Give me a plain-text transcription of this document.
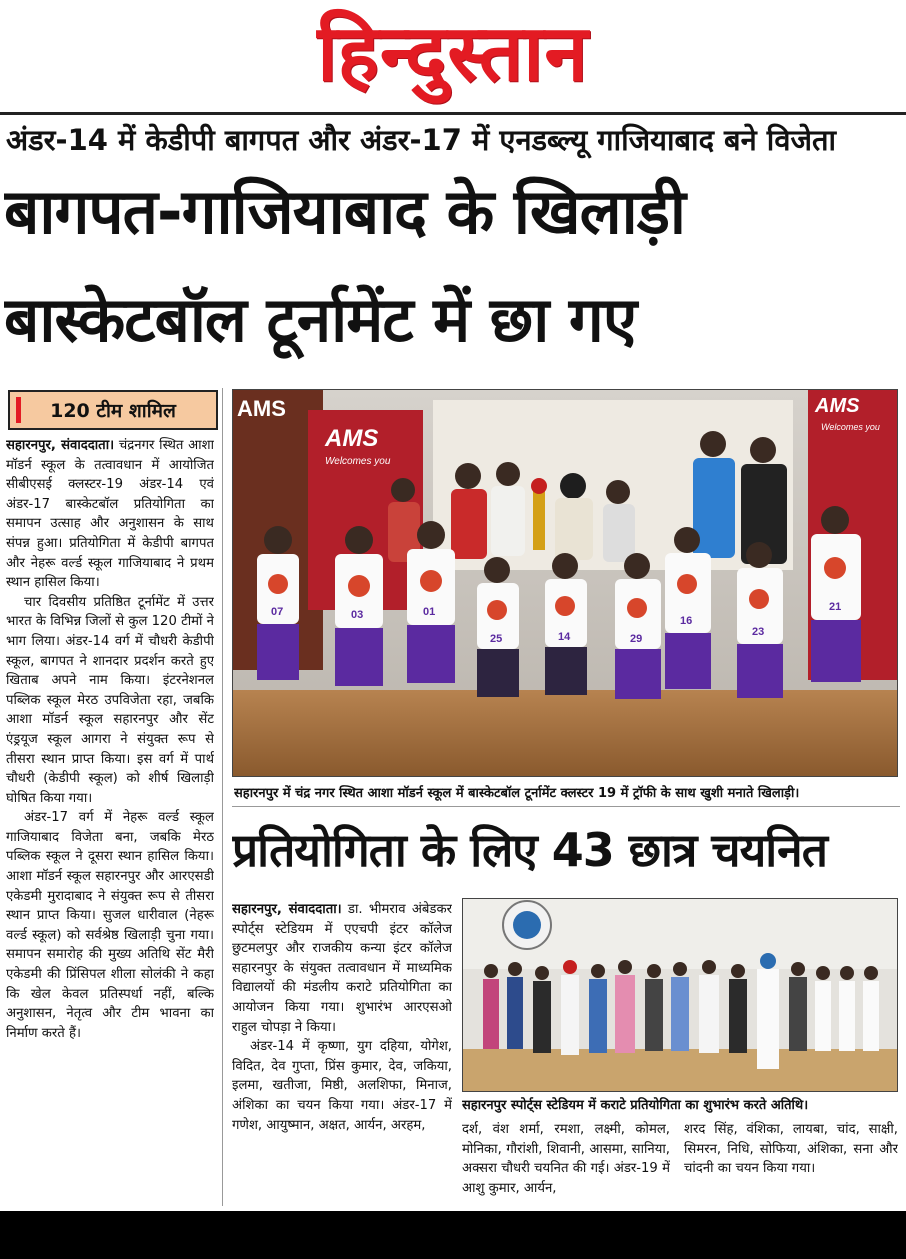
हिन्दुस्तान
अंडर-14 में केडीपी बागपत और अंडर-17 में एनडब्ल्यू गाजियाबाद बने विजेता
बागपत-गाजियाबाद के खिलाड़ी
बास्केटबॉल टूर्नामेंट में छा गए
120 टीम शामिल

सहारनपुर, संवाददाता। चंद्रनगर स्थित आशा मॉडर्न स्कूल के तत्वावधान में आयोजित सीबीएसई क्लस्टर-19 अंडर-14 एवं अंडर-17 बास्केटबॉल प्रतियोगिता का समापन उत्साह और अनुशासन के साथ संपन्न हुआ। प्रतियोगिता में केडीपी बागपत और नेहरू वर्ल्ड स्कूल गाजियाबाद ने प्रथम स्थान हासिल किया।

चार दिवसीय प्रतिष्ठित टूर्नामेंट में उत्तर भारत के विभिन्न जिलों से कुल 120 टीमों ने भाग लिया। अंडर-14 वर्ग में चौधरी केडीपी स्कूल, बागपत ने शानदार प्रदर्शन करते हुए खिताब अपने नाम किया। इंटरनेशनल पब्लिक स्कूल मेरठ उपविजेता रहा, जबकि आशा मॉडर्न स्कूल सहारनपुर और सेंट एंड्रयूज स्कूल आगरा ने संयुक्त रूप से तीसरा स्थान प्राप्त किया। इस वर्ग में पार्थ चौधरी (केडीपी स्कूल) को शीर्ष खिलाड़ी घोषित किया गया।

अंडर-17 वर्ग में नेहरू वर्ल्ड स्कूल गाजियाबाद विजेता बना, जबकि मेरठ पब्लिक स्कूल ने दूसरा स्थान हासिल किया। आशा मॉडर्न स्कूल सहारनपुर और आरएसडी एकेडमी मुरादाबाद ने संयुक्त रूप से तीसरा स्थान प्राप्त किया। सुजल धारीवाल (नेहरू वर्ल्ड स्कूल) को सर्वश्रेष्ठ खिलाड़ी चुना गया। समापन समारोह की मुख्य अतिथि सेंट मैरी एकेडमी की प्रिंसिपल शीला सोलंकी ने कहा कि खेल केवल प्रतिस्पर्धा नहीं, बल्कि अनुशासन, नेतृत्व और टीम भावना का निर्माण करते हैं।

AMS
AMS
Welcomes you
AMS
Welcomes you
07	03	01
25	14	29
16
23
21
सहारनपुर में चंद्र नगर स्थित आशा मॉडर्न स्कूल में बास्केटबॉल टूर्नामेंट क्लस्टर 19 में ट्रॉफी के साथ खुशी मनाते खिलाड़ी।
प्रतियोगिता के लिए 43 छात्र चयनित

सहारनपुर, संवाददाता। डा. भीमराव अंबेडकर स्पोर्ट्स स्टेडियम में एएचपी इंटर कॉलेज छुटमलपुर और राजकीय कन्या इंटर कॉलेज सहारनपुर के संयुक्त तत्वावधान में माध्यमिक विद्यालयों की मंडलीय कराटे प्रतियोगिता का आयोजन किया गया। शुभारंभ आरएसओ राहुल चोपड़ा ने किया।

अंडर-14 में कृष्णा, युग दहिया, योगेश, विदित, देव गुप्ता, प्रिंस कुमार, देव, जकिया, इलमा, खतीजा, मिष्ठी, अलशिफा, मिनाज, अंशिका का चयन किया गया। अंडर-17 में गणेश, आयुष्मान, अक्षत, आर्यन, अरहम,

सहारनपुर स्पोर्ट्स स्टेडियम में कराटे प्रतियोगिता का शुभारंभ करते अतिथि।

दर्श, वंश शर्मा, रमशा, लक्ष्मी, कोमल, मोनिका, गौरांशी, शिवानी, आसमा, सानिया, अक्सरा चौधरी चयनित की गई। अंडर-19 में आशु कुमार, आर्यन,

शरद सिंह, वंशिका, लायबा, चांद, साक्षी, सिमरन, निधि, सोफिया, अंशिका, सना और चांदनी का चयन किया गया।
